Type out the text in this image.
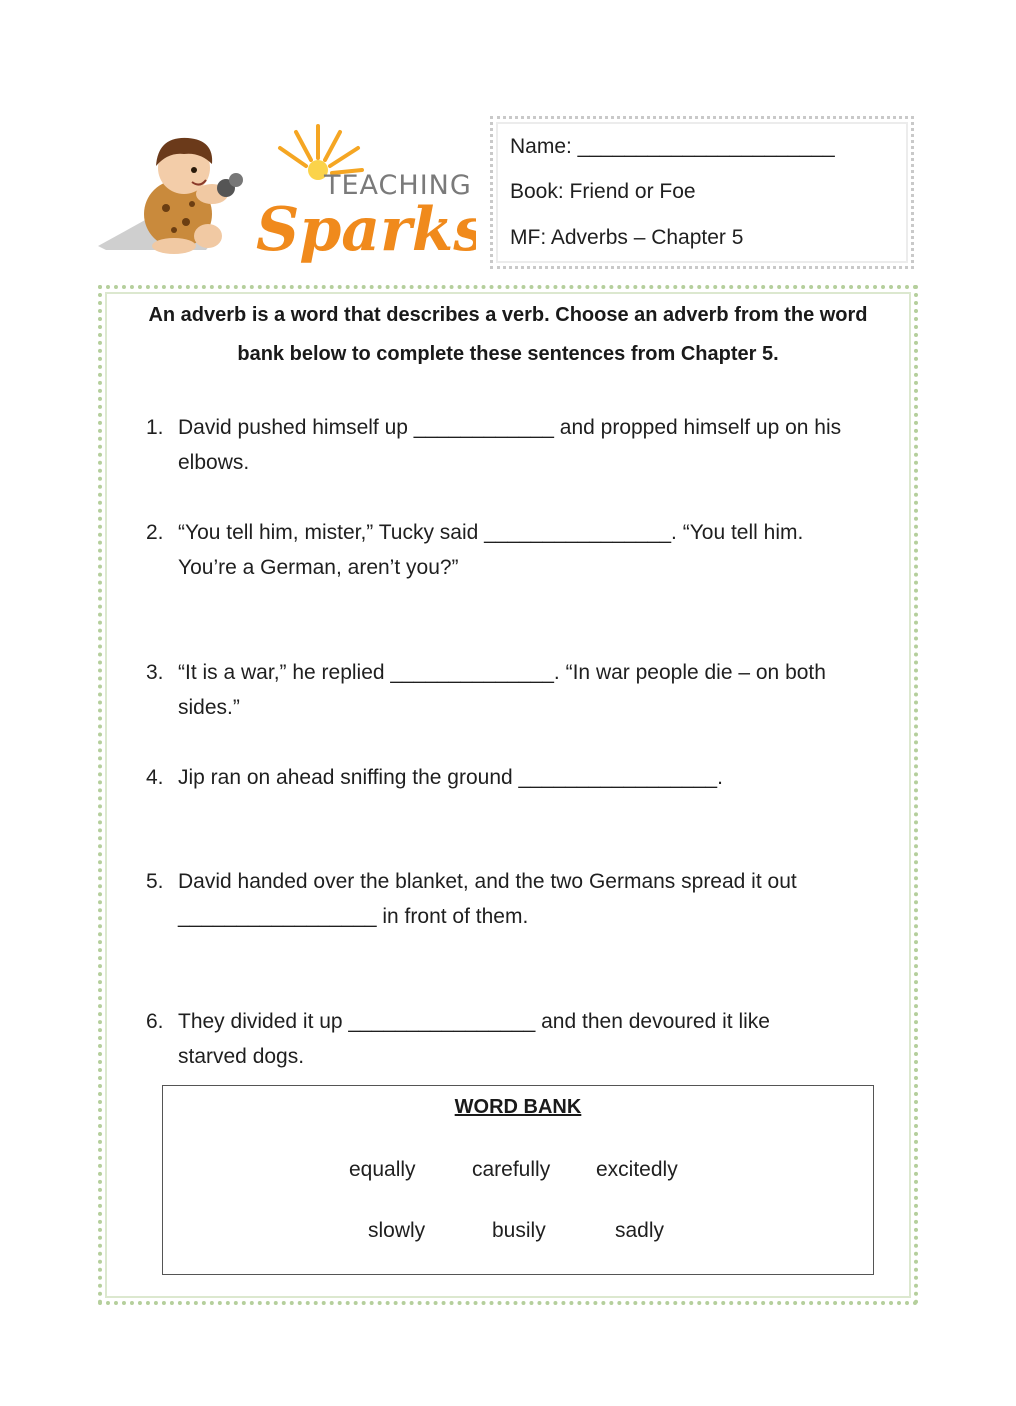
TEACHING
Sparks
Name: ______________________
Book: Friend or Foe
MF: Adverbs – Chapter 5
An adverb is a word that describes a verb. Choose an adverb from the word
bank below to complete these sentences from Chapter 5.
1. David pushed himself up ____________ and propped himself up on his
elbows.
2. “You tell him, mister,” Tucky said ________________. “You tell him.
You’re a German, aren’t you?”
3. “It is a war,” he replied ______________. “In war people die – on both
sides.”
4. Jip ran on ahead sniffing the ground _________________.
5. David handed over the blanket, and the two Germans spread it out
_________________ in front of them.
6. They divided it up ________________ and then devoured it like
starved dogs.
WORD BANK
equally	carefully excitedly
slowly	busily	sadly
